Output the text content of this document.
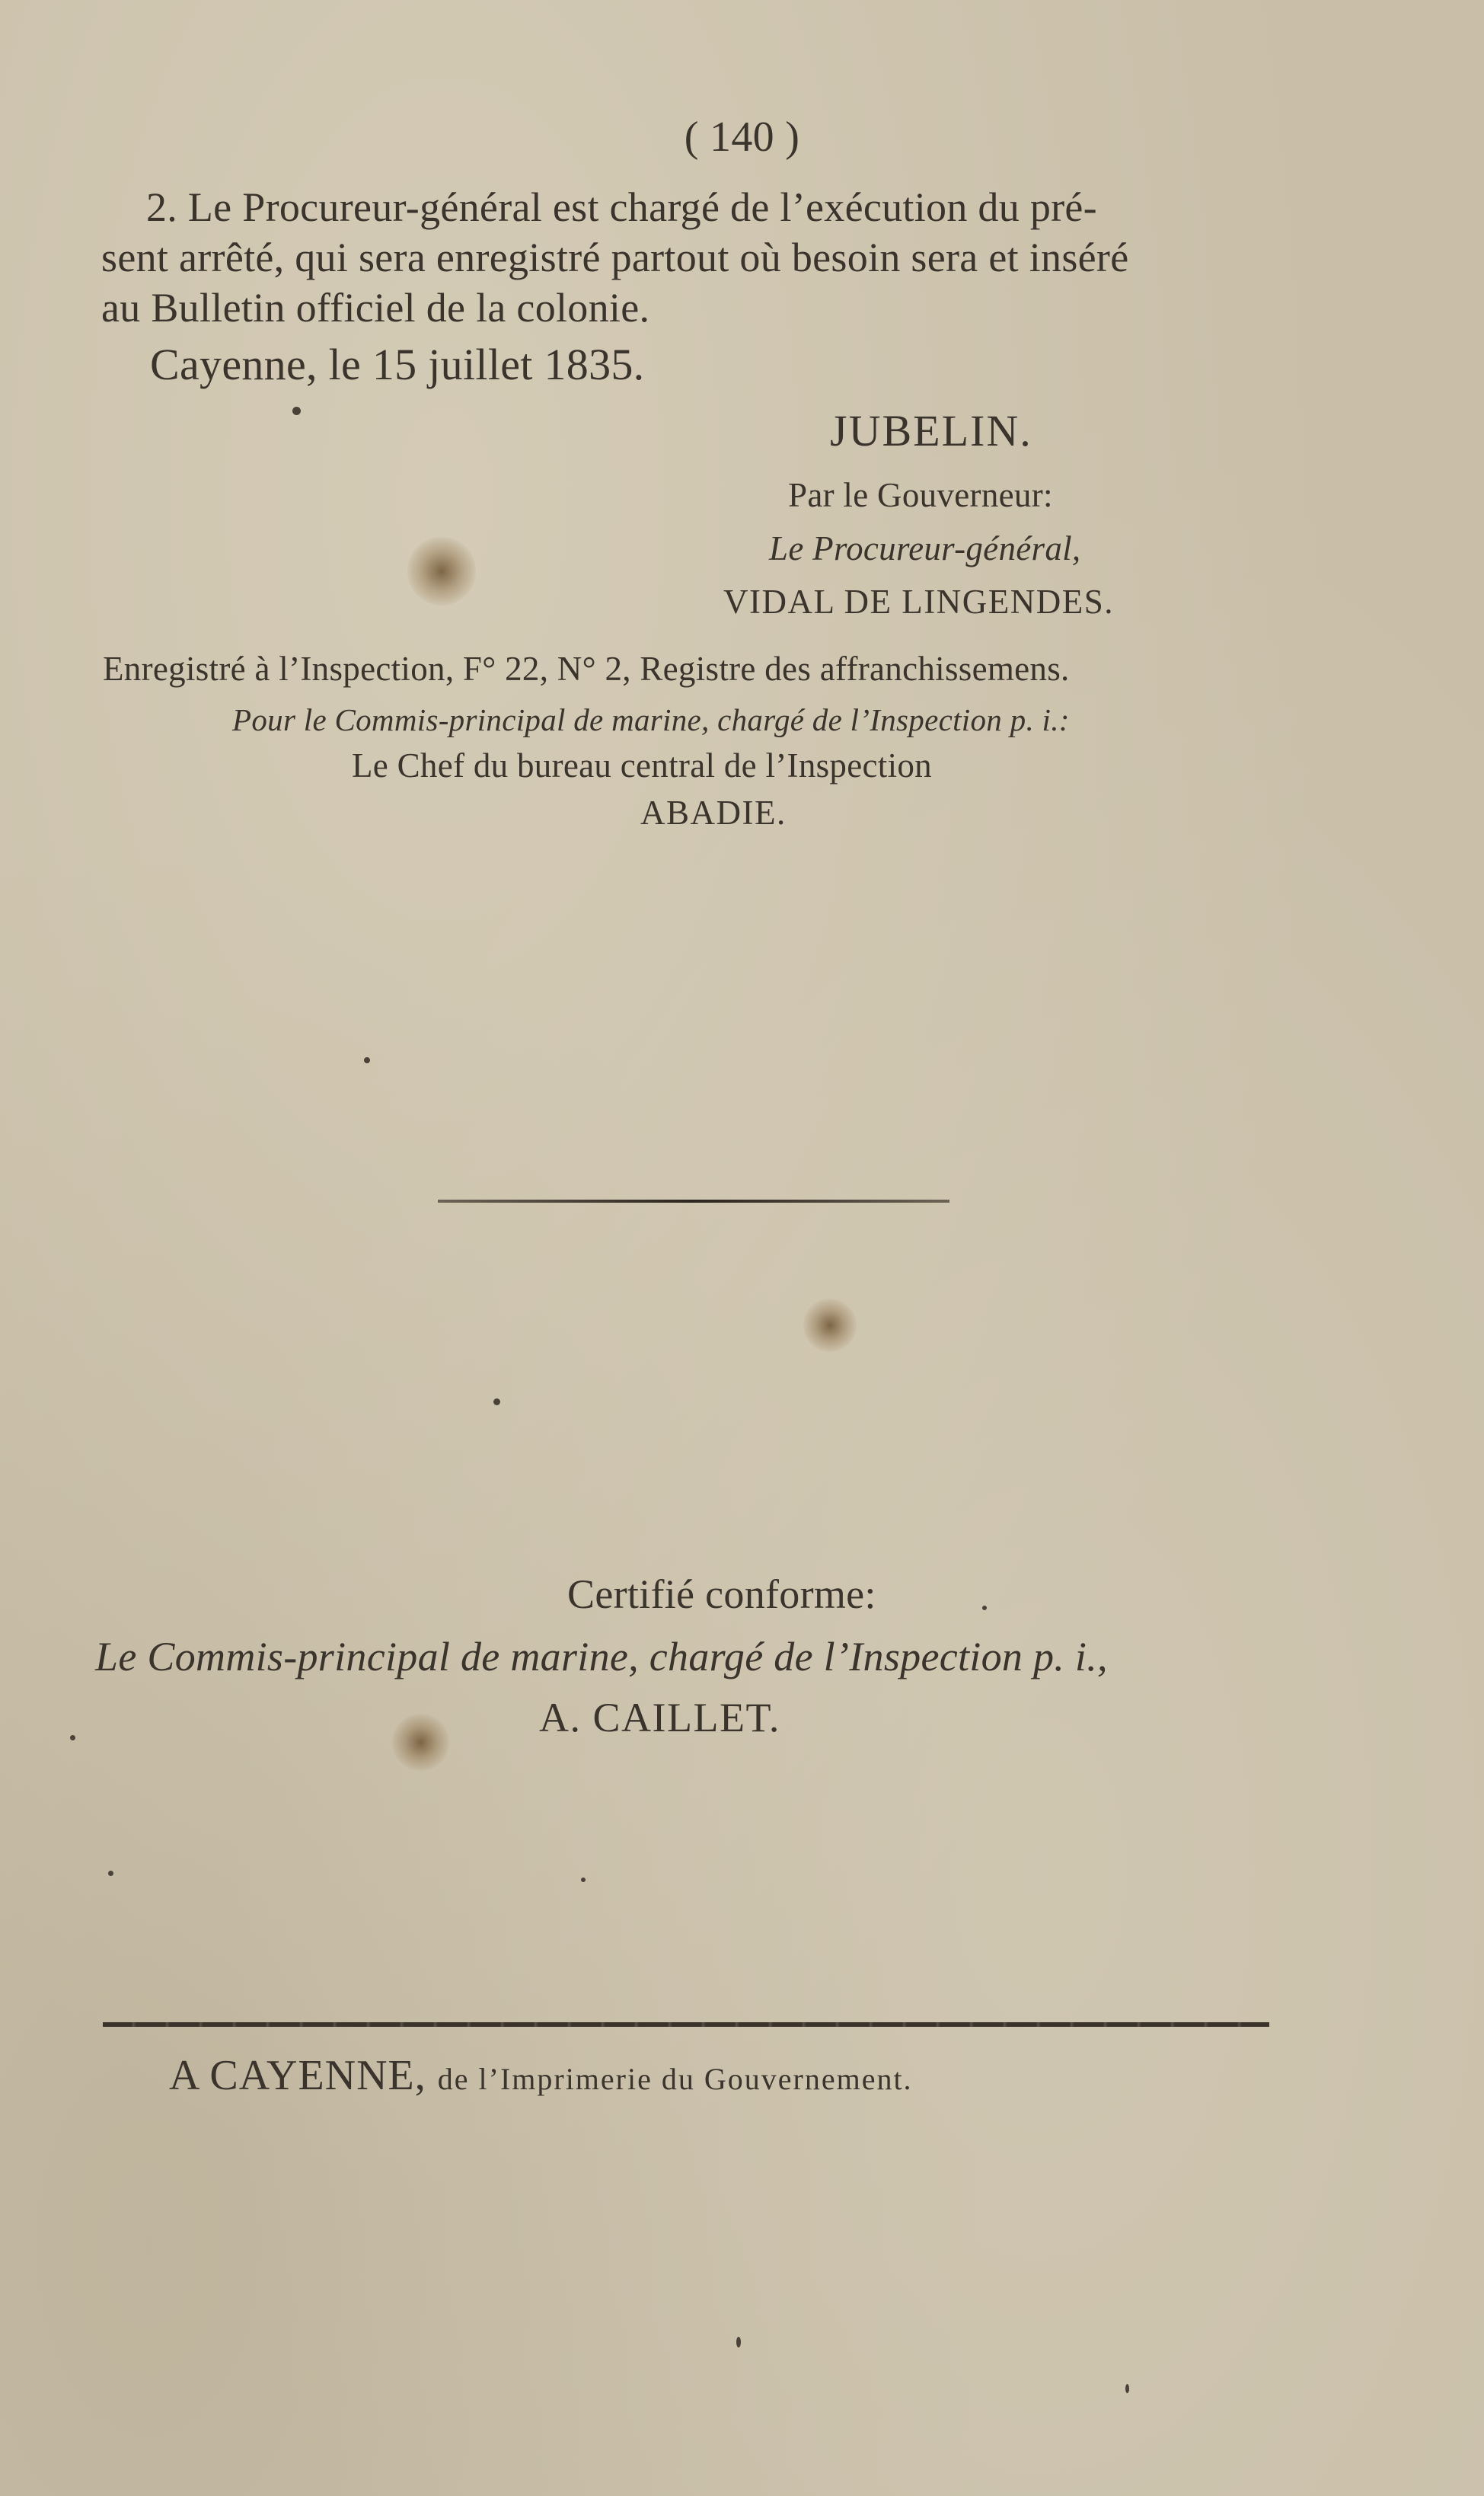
( 140 )
2. Le Procureur-général est chargé de l’exécution du pré-
sent arrêté, qui sera enregistré partout où besoin sera et inséré
au Bulletin officiel de la colonie.
Cayenne, le 15 juillet 1835.
JUBELIN.
Par le Gouverneur:
Le Procureur-général,
VIDAL DE LINGENDES.
Enregistré à l’Inspection, F° 22, N° 2, Registre des affranchissemens.
Pour le Commis-principal de marine, chargé de l’Inspection p. i.:
Le Chef du bureau central de l’Inspection
ABADIE.
Certifié conforme:
Le Commis-principal de marine, chargé de l’Inspection p. i.,
A. CAILLET.
A CAYENNE, de l’Imprimerie du Gouvernement.
